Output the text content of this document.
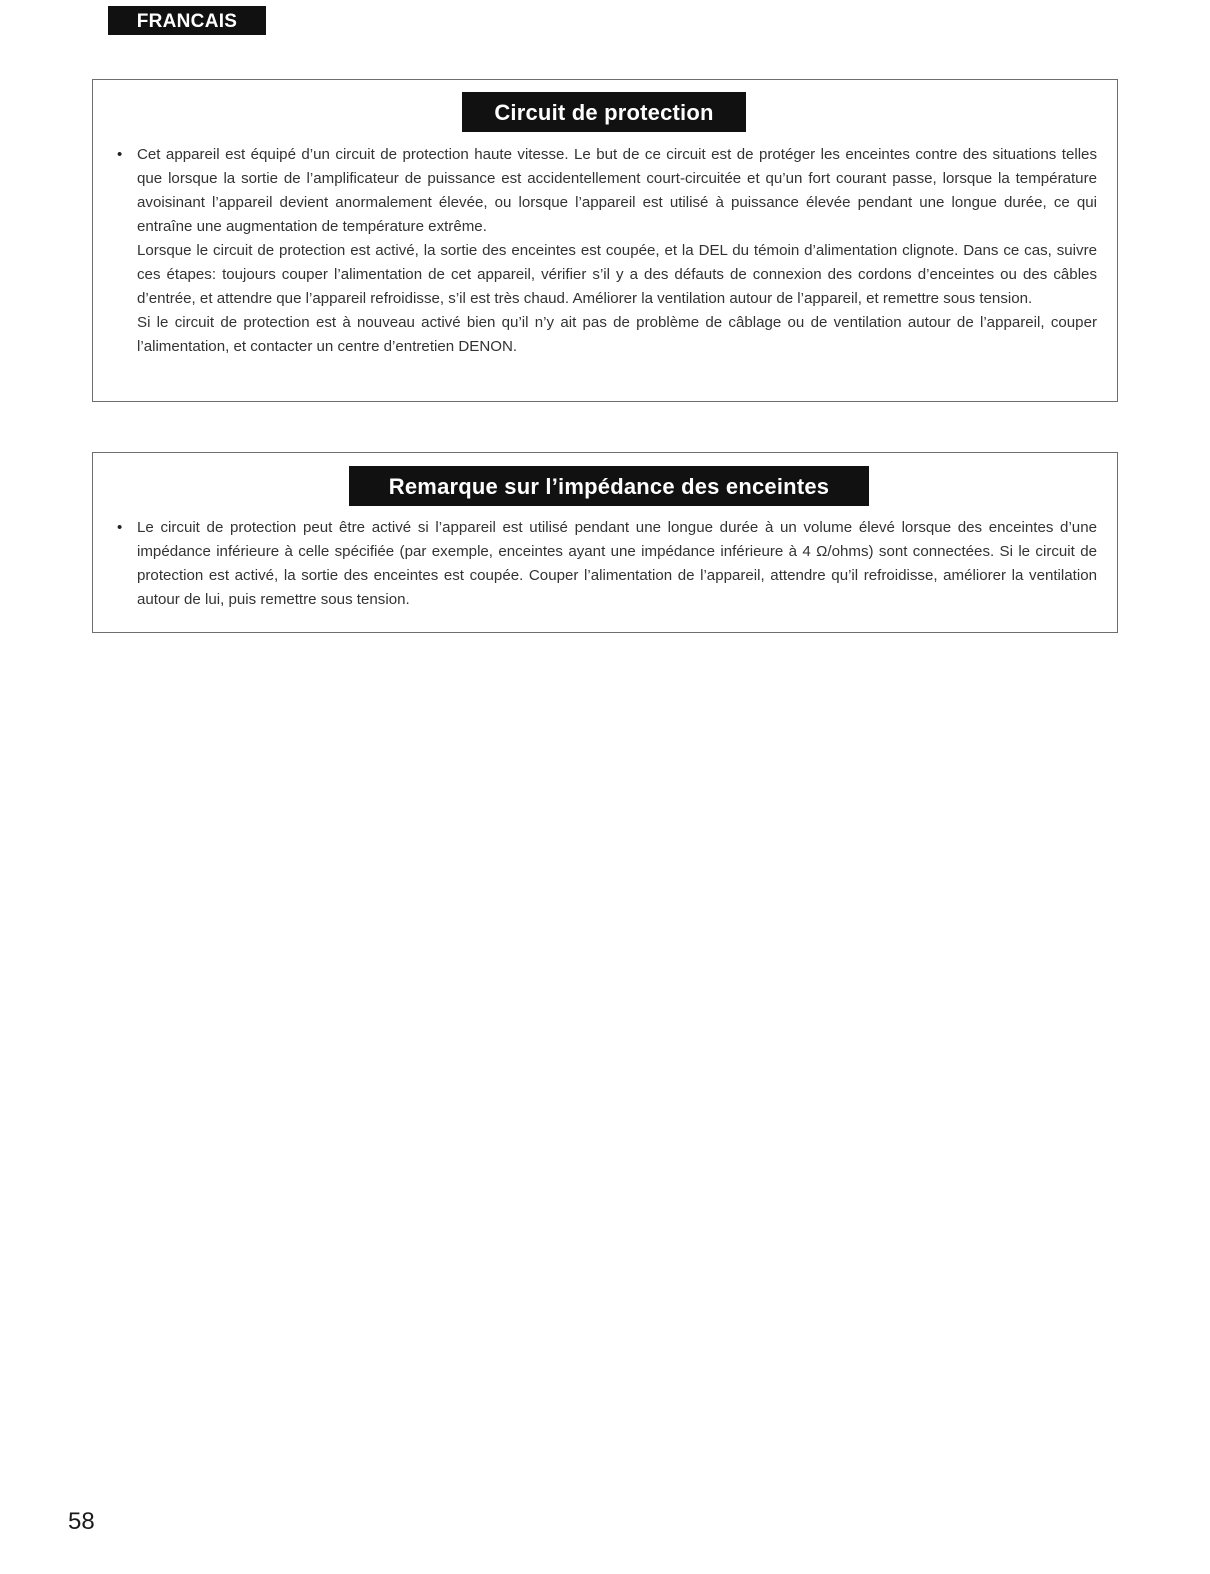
FRANCAIS
Circuit de protection
• Cet appareil est équipé d’un circuit de protection haute vitesse. Le but de ce circuit est de protéger les enceintes contre des situations telles que lorsque la sortie de l’amplificateur de puissance est accidentellement court-circuitée et qu’un fort courant passe, lorsque la température avoisinant l’appareil devient anormalement élevée, ou lorsque l’appareil est utilisé à puissance élevée pendant une longue durée, ce qui entraîne une augmentation de température extrême.

Lorsque le circuit de protection est activé, la sortie des enceintes est coupée, et la DEL du témoin d’alimentation clignote. Dans ce cas, suivre ces étapes: toujours couper l’alimentation de cet appareil, vérifier s’il y a des défauts de connexion des cordons d’enceintes ou des câbles d’entrée, et attendre que l’appareil refroidisse, s’il est très chaud. Améliorer la ventilation autour de l’appareil, et remettre sous tension.

Si le circuit de protection est à nouveau activé bien qu’il n’y ait pas de problème de câblage ou de ventilation autour de l’appareil, couper l’alimentation, et contacter un centre d’entretien DENON.

Remarque sur l’impédance des enceintes
• Le circuit de protection peut être activé si l’appareil est utilisé pendant une longue durée à un volume élevé lorsque des enceintes d’une impédance inférieure à celle spécifiée (par exemple, enceintes ayant une impédance inférieure à 4 Ω/ohms) sont connectées. Si le circuit de protection est activé, la sortie des enceintes est coupée. Couper l’alimentation de l’appareil, attendre qu’il refroidisse, améliorer la ventilation autour de lui, puis remettre sous tension.

58
